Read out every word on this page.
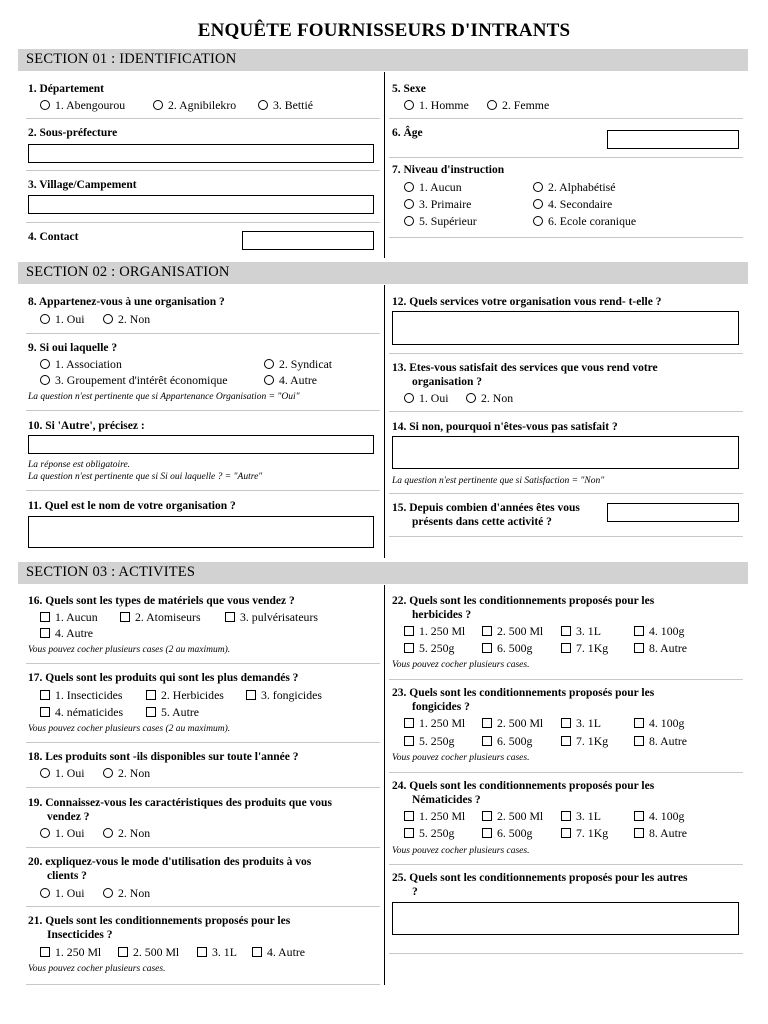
ENQUÊTE FOURNISSEURS D'INTRANTS
SECTION 01 : IDENTIFICATION
1. Département
1. Abengourou	2. Agnibilekro	3. Bettié
2. Sous-préfecture
3. Village/Campement
4. Contact
5. Sexe
1. Homme	2. Femme
6. Âge
7. Niveau d'instruction
1. Aucun	2. Alphabétisé
3. Primaire	4. Secondaire
5. Supérieur	6. Ecole coranique
SECTION 02 : ORGANISATION
8. Appartenez-vous à une organisation ?
1. Oui	2. Non
9. Si oui laquelle ?
1. Association	2. Syndicat
3. Groupement d'intérêt économique	4. Autre
La question n'est pertinente que si Appartenance Organisation = "Oui"
10. Si 'Autre', précisez :
La réponse est obligatoire.
La question n'est pertinente que si Si oui laquelle ? = "Autre"
11. Quel est le nom de votre organisation ?
12. Quels services votre organisation vous rend- t-elle ?
13. Etes-vous satisfait des services que vous rend votre
organisation ?
1. Oui	2. Non
14. Si non, pourquoi n'êtes-vous pas satisfait ?
La question n'est pertinente que si Satisfaction = "Non"
15. Depuis combien d'années êtes vous
présents dans cette activité ?
SECTION 03 : ACTIVITES
16. Quels sont les types de matériels que vous vendez ?
1. Aucun	2. Atomiseurs	3. pulvérisateurs
4. Autre
Vous pouvez cocher plusieurs cases (2 au maximum).
17. Quels sont les produits qui sont les plus demandés ?
1. Insecticides	2. Herbicides	3. fongicides
4. nématicides	5. Autre
Vous pouvez cocher plusieurs cases (2 au maximum).
18. Les produits sont -ils disponibles sur toute l'année ?
1. Oui	2. Non
19. Connaissez-vous les caractéristiques des produits que vous
vendez ?
1. Oui	2. Non
20. expliquez-vous le mode d'utilisation des produits à vos
clients ?
1. Oui	2. Non
21. Quels sont les conditionnements proposés pour les
Insecticides ?
1. 250 Ml	2. 500 Ml	3. 1L	4. Autre
Vous pouvez cocher plusieurs cases.
22. Quels sont les conditionnements proposés pour les
herbicides ?
1. 250 Ml	2. 500 Ml	3. 1L	4. 100g
5. 250g	6. 500g	7. 1Kg	8. Autre
Vous pouvez cocher plusieurs cases.
23. Quels sont les conditionnements proposés pour les
fongicides ?
1. 250 Ml	2. 500 Ml	3. 1L	4. 100g
5. 250g	6. 500g	7. 1Kg	8. Autre
Vous pouvez cocher plusieurs cases.
24. Quels sont les conditionnements proposés pour les
Nématicides ?
1. 250 Ml	2. 500 Ml	3. 1L	4. 100g
5. 250g	6. 500g	7. 1Kg	8. Autre
Vous pouvez cocher plusieurs cases.
25. Quels sont les conditionnements proposés pour les autres
?
